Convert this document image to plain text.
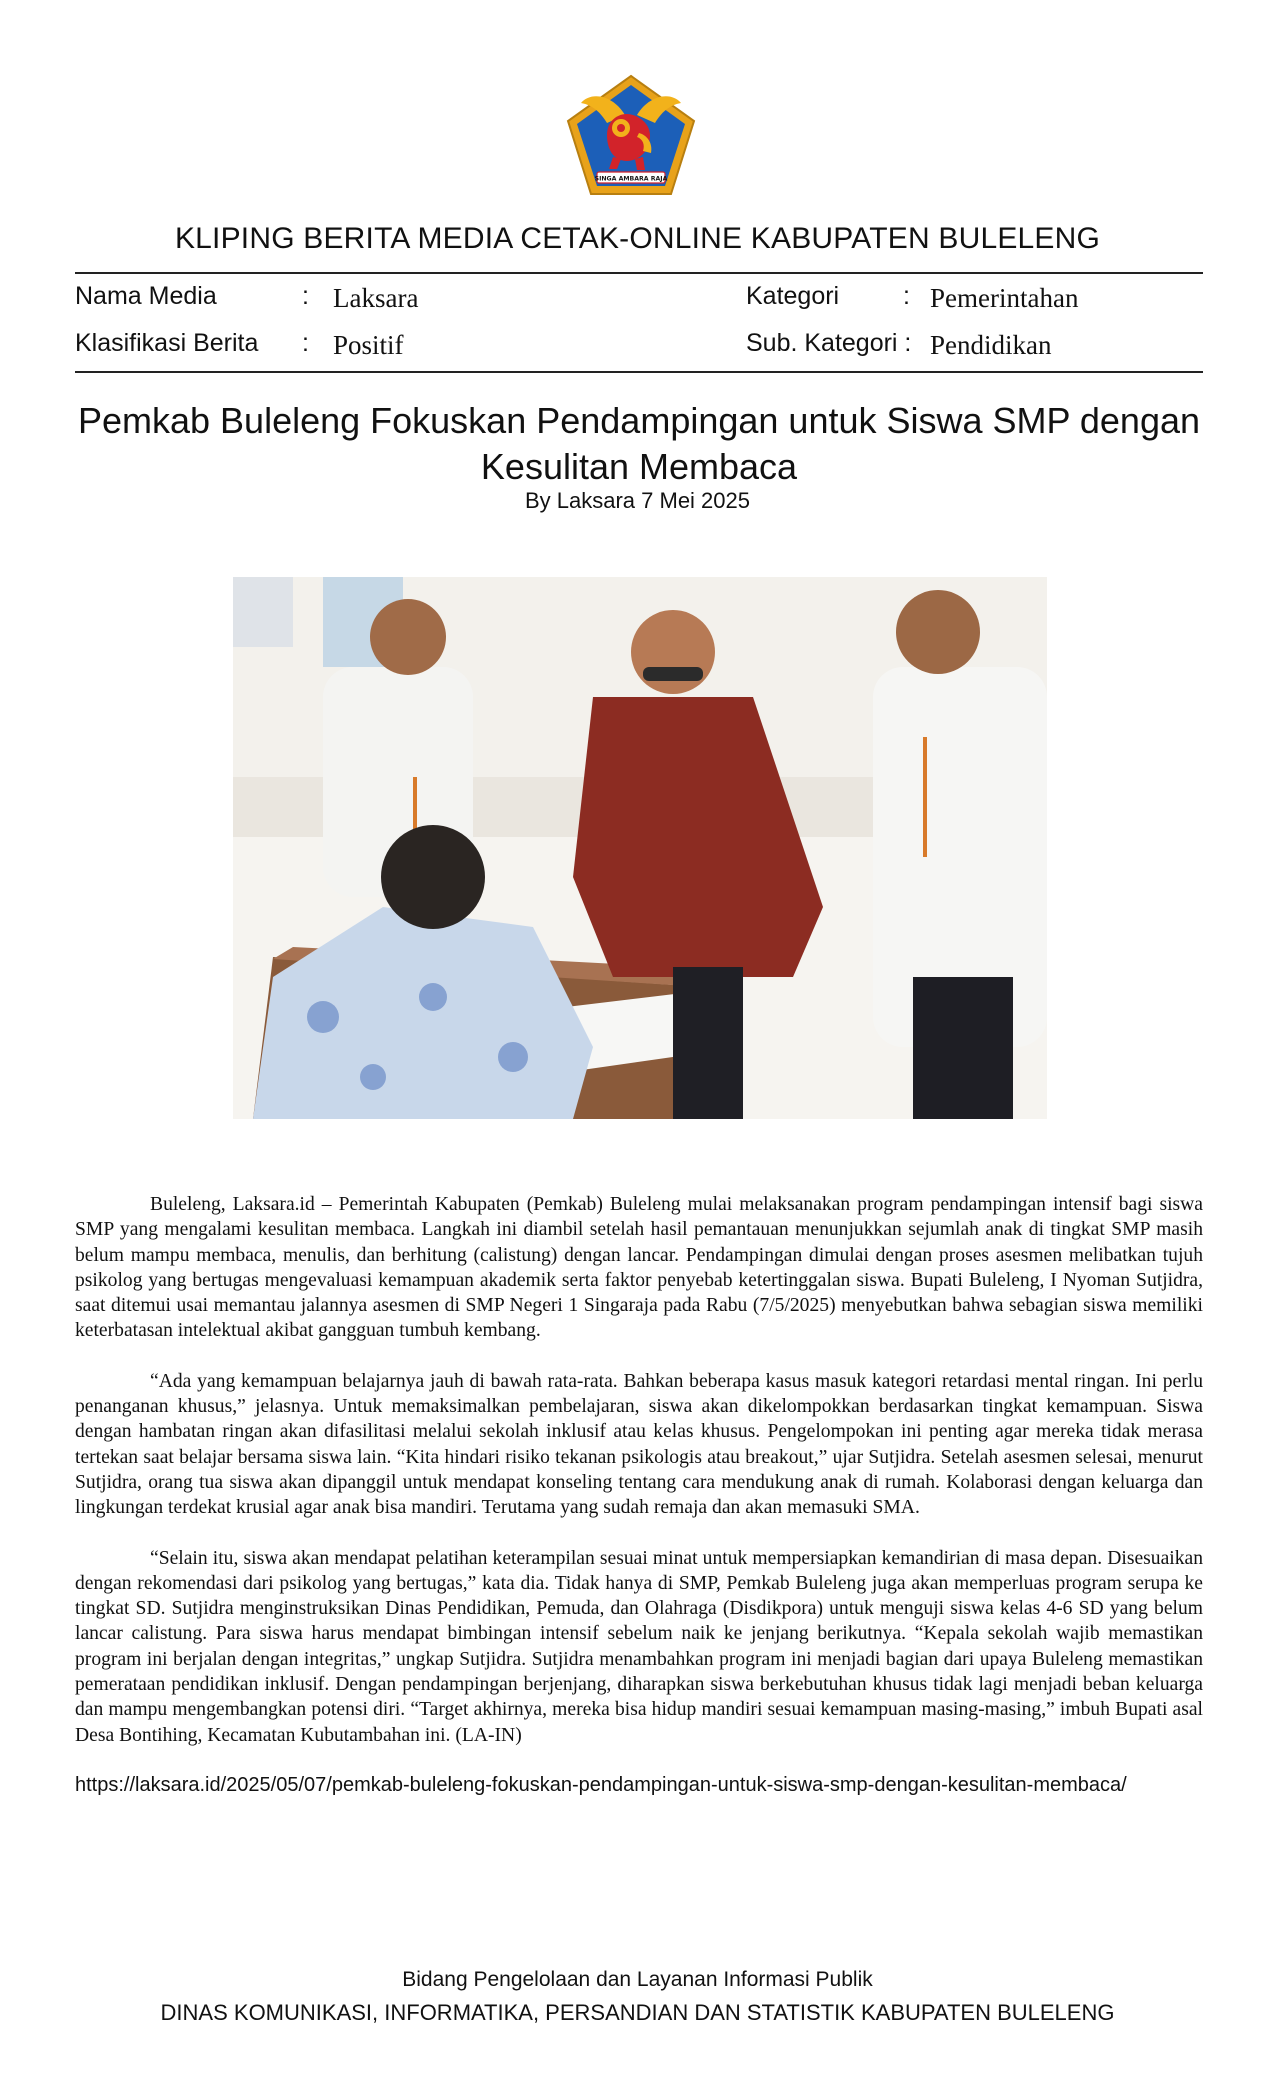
SINGA AMBARA RAJA
KLIPING BERITA MEDIA CETAK-ONLINE KABUPATEN BULELENG
Nama Media	: Laksara
Klasifikasi Berita : Positif
Kategori	: Pemerintahan
Sub. Kategori : Pendidikan
Pemkab Buleleng Fokuskan Pendampingan untuk Siswa SMP dengan Kesulitan Membaca
By Laksara 7 Mei 2025

Buleleng, Laksara.id – Pemerintah Kabupaten (Pemkab) Buleleng mulai melaksanakan program pendampingan intensif bagi siswa SMP yang mengalami kesulitan membaca. Langkah ini diambil setelah hasil pemantauan menunjukkan sejumlah anak di tingkat SMP masih belum mampu membaca, menulis, dan berhitung (calistung) dengan lancar. Pendampingan dimulai dengan proses asesmen melibatkan tujuh psikolog yang bertugas mengevaluasi kemampuan akademik serta faktor penyebab ketertinggalan siswa. Bupati Buleleng, I Nyoman Sutjidra, saat ditemui usai memantau jalannya asesmen di SMP Negeri 1 Singaraja pada Rabu (7/5/2025) menyebutkan bahwa sebagian siswa memiliki keterbatasan intelektual akibat gangguan tumbuh kembang.

“Ada yang kemampuan belajarnya jauh di bawah rata-rata. Bahkan beberapa kasus masuk kategori retardasi mental ringan. Ini perlu penanganan khusus,” jelasnya. Untuk memaksimalkan pembelajaran, siswa akan dikelompokkan berdasarkan tingkat kemampuan. Siswa dengan hambatan ringan akan difasilitasi melalui sekolah inklusif atau kelas khusus. Pengelompokan ini penting agar mereka tidak merasa tertekan saat belajar bersama siswa lain. “Kita hindari risiko tekanan psikologis atau breakout,” ujar Sutjidra. Setelah asesmen selesai, menurut Sutjidra, orang tua siswa akan dipanggil untuk mendapat konseling tentang cara mendukung anak di rumah. Kolaborasi dengan keluarga dan lingkungan terdekat krusial agar anak bisa mandiri. Terutama yang sudah remaja dan akan memasuki SMA.

“Selain itu, siswa akan mendapat pelatihan keterampilan sesuai minat untuk mempersiapkan kemandirian di masa depan. Disesuaikan dengan rekomendasi dari psikolog yang bertugas,” kata dia. Tidak hanya di SMP, Pemkab Buleleng juga akan memperluas program serupa ke tingkat SD. Sutjidra menginstruksikan Dinas Pendidikan, Pemuda, dan Olahraga (Disdikpora) untuk menguji siswa kelas 4-6 SD yang belum lancar calistung. Para siswa harus mendapat bimbingan intensif sebelum naik ke jenjang berikutnya. “Kepala sekolah wajib memastikan program ini berjalan dengan integritas,” ungkap Sutjidra. Sutjidra menambahkan program ini menjadi bagian dari upaya Buleleng memastikan pemerataan pendidikan inklusif. Dengan pendampingan berjenjang, diharapkan siswa berkebutuhan khusus tidak lagi menjadi beban keluarga dan mampu mengembangkan potensi diri. “Target akhirnya, mereka bisa hidup mandiri sesuai kemampuan masing-masing,” imbuh Bupati asal Desa Bontihing, Kecamatan Kubutambahan ini. (LA-IN)

https://laksara.id/2025/05/07/pemkab-buleleng-fokuskan-pendampingan-untuk-siswa-smp-dengan-kesulitan-membaca/
Bidang Pengelolaan dan Layanan Informasi Publik
DINAS KOMUNIKASI, INFORMATIKA, PERSANDIAN DAN STATISTIK KABUPATEN BULELENG
